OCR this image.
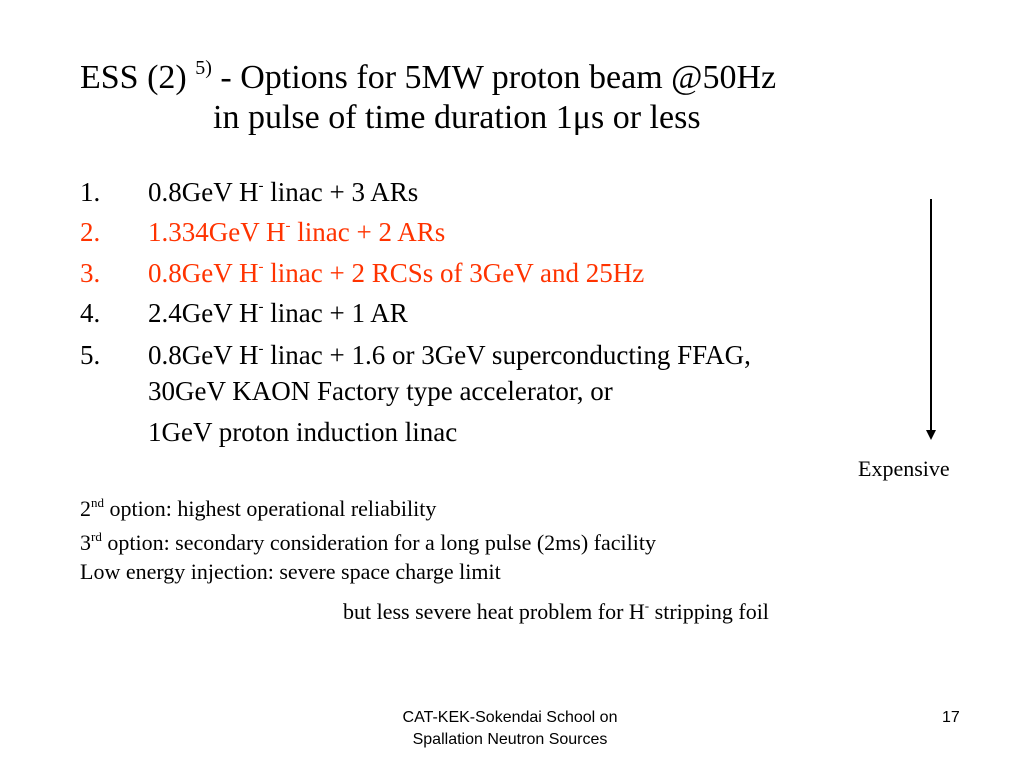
ESS (2) $^{5)}$ - Options for 5MW proton beam @50Hz
in pulse of time duration 1μs or less
1. 0.8GeV H- linac + 3 ARs
2. 1.334GeV H- linac + 2 ARs
3. 0.8GeV H- linac + 2 RCSs of 3GeV and 25Hz
4. 2.4GeV H- linac + 1 AR
5. 0.8GeV H- linac + 1.6 or 3GeV superconducting FFAG,
30GeV KAON Factory type accelerator, or
1GeV proton induction linac
Expensive
2nd option: highest operational reliability
3rd option: secondary consideration for a long pulse (2ms) facility
Low energy injection: severe space charge limit
but less severe heat problem for H- stripping foil
CAT-KEK-Sokendai School on
Spallation Neutron Sources
17
